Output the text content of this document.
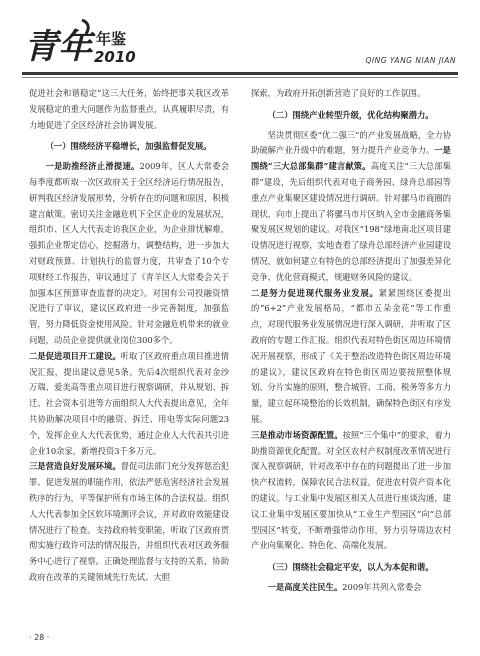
青年 年鉴
2010	QING YANG NIAN JIAN

促进社会和谐稳定”这三大任务，始终把事关我区改革发展稳定的重大问题作为监督重点，认真履职尽责，有力地促进了全区经济社会协调发展。

（一）围绕经济平稳增长，加强监督促发展。

一是助推经济止滑提速。2009年，区人大常委会每季度都听取一次区政府关于全区经济运行情况报告，研判我区经济发展形势，分析存在的问题和原因，积极建言献策。密切关注金融危机下全区企业的发展状况，组织市、区人大代表走访我区企业，为企业排忧解难，强抓企业帮定信心，挖掘潜力，调整结构，进一步加大对财政预算、计划执行的监督力度，共审查了10个专项财经工作报告，审议通过了《青羊区人大常委会关于加强本区预算审查监督的决定》。对国有公司投融资情况进行了审议，建议区政府进一步完善制度，加强监管，努力降低资金使用风险。针对金融危机带来的就业问题，动员企业提供就业岗位300多个。

二是促进项目开工建设。听取了区政府重点项目推进情况汇报，提出建议意见5条。先后4次组织代表对金沙万瑞、爱美高等重点项目进行视察调研，并从规划、拆迁、社会资本引进等方面组织人大代表提出意见，全年共协助解决项目中的融资、拆迁、用电等实际问题23个，发挥企业人大代表优势，通过企业人大代表共引进企业10余家，新增投资3千多万元。

三是营造良好发展环境。督促司法部门充分发挥惩治犯罪、促进发展的职能作用，依法严惩危害经济社会发展秩序的行为，平等保护所有市场主体的合法权益。组织人大代表参加全区软环境测评会议，并对政府效能建设情况进行了检查。支持政府转变职能，听取了区政府贯彻实施行政许可法的情况报告，并组织代表对区政务服务中心进行了视察。正确处理监督与支持的关系，协助政府在改革的关键领域先行先试、大胆

探索，为政府开拓创新营造了良好的工作氛围。

（二）围绕产业转型升级，优化结构聚潜力。

坚决贯彻区委“优二强三”的产业发展战略，全力协助破解产业升级中的难题，努力提升产业竞争力。一是围绕“三大总部集群”建言献策。高度关注“三大总部集群”建设，先后组织代表对电子商务园、绿舟总部园等重点产业集聚区建设情况进行调研。针对骡马市商圈的现状，向市上提出了将骡马市片区纳入全市金融商务集聚发展区规划的建议。对我区“198”绿地南北区项目建设情况进行视察，实地查看了绿舟总部经济产业园建设情况，就如何建立有特色的总部经济提出了加强差异化竞争、优化营商模式，规避财务风险的建议。

二是努力促进现代服务业发展。紧紧围绕区委提出的“6+2”产业发展格局，“都市五朵金花”等工作重点，对现代服务业发展情况进行深入调研，并听取了区政府的专题工作汇报。组织代表对特色街区周边环境情况开展视察，形成了《关于整治改造特色街区周边环境的建议》，建议区政府在特色街区周边要按照整体规划、分片实施的原则，整合城管、工商、税务等多方力量，建立起环境整治的长效机制，确保特色街区有序发展。

三是推动市场资源配置。按照“三个集中”的要求，着力助推资源优化配置。对全区农村产权制度改革情况进行深入视察调研，针对改革中存在的问题提出了进一步加快产权流转，保障农民合法权益，促进农村资产资本化的建议。与工业集中发展区相关人员进行座谈沟通，建议工业集中发展区要加快从“工业生产型园区”向“总部型园区”转变，不断增强带动作用，努力引导周边农村产业向集聚化、特色化、高端化发展。

（三）围绕社会稳定平安，以人为本促和谐。

一是高度关注民生。2009年共列入常委会

· 28 ·
